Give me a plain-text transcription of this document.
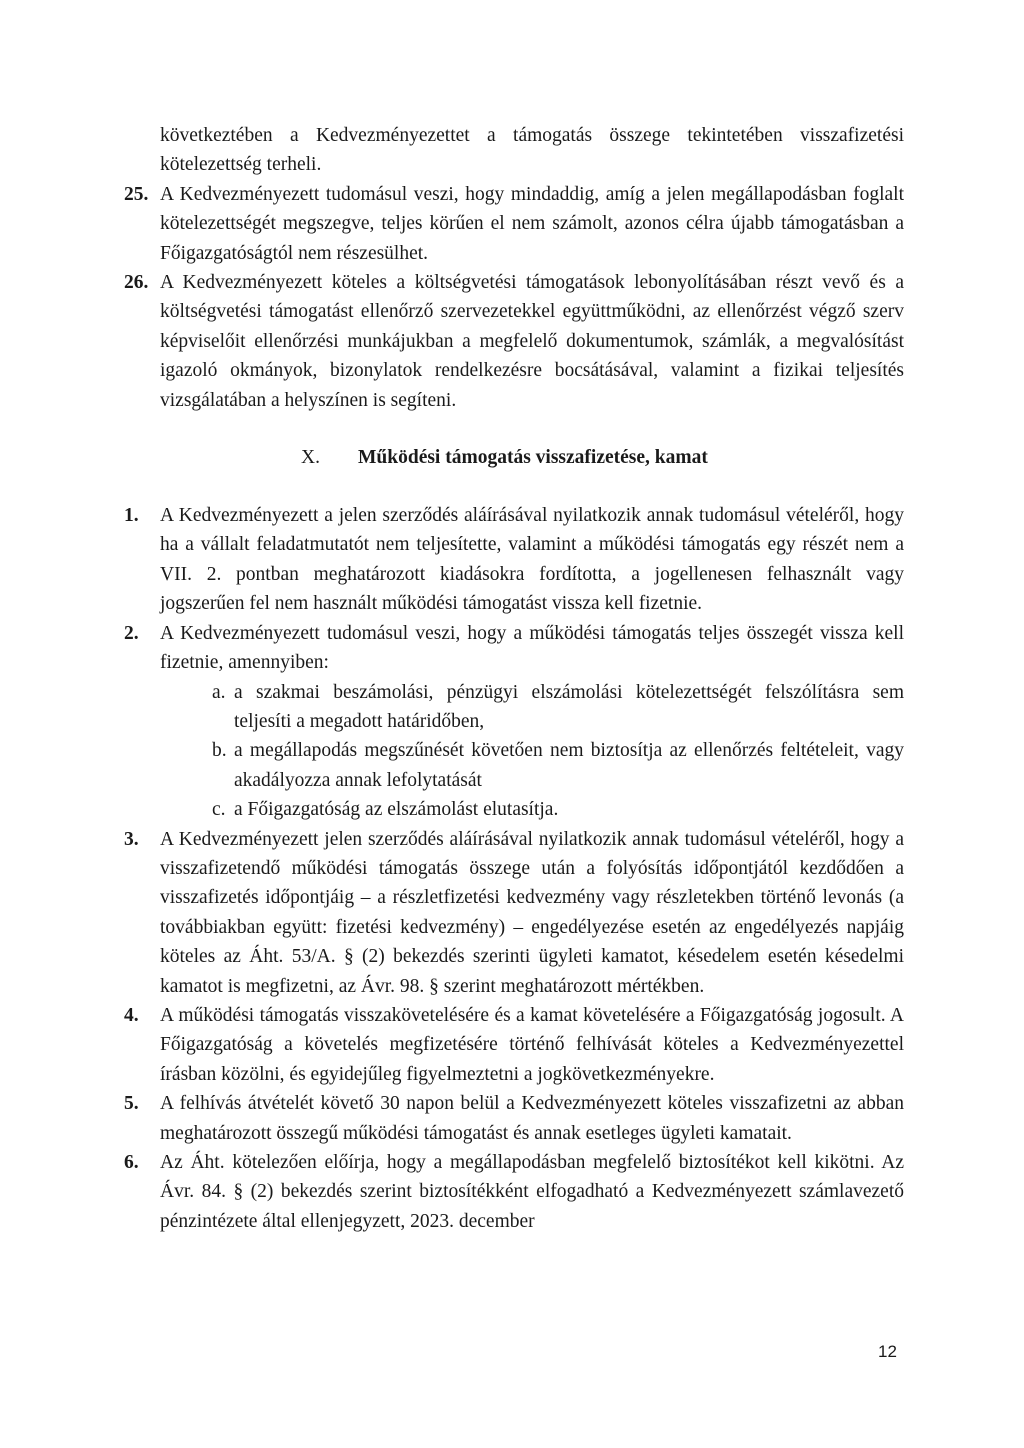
következtében a Kedvezményezettet a támogatás összege tekintetében visszafizetési kötelezettség terheli.

25. A Kedvezményezett tudomásul veszi, hogy mindaddig, amíg a jelen megállapodásban foglalt kötelezettségét megszegve, teljes körűen el nem számolt, azonos célra újabb támogatásban a Főigazgatóságtól nem részesülhet.

26. A Kedvezményezett köteles a költségvetési támogatások lebonyolításában részt vevő és a költségvetési támogatást ellenőrző szervezetekkel együttműködni, az ellenőrzést végző szerv képviselőit ellenőrzési munkájukban a megfelelő dokumentumok, számlák, a megvalósítást igazoló okmányok, bizonylatok rendelkezésre bocsátásával, valamint a fizikai teljesítés vizsgálatában a helyszínen is segíteni.

X. Működési támogatás visszafizetése, kamat

1. A Kedvezményezett a jelen szerződés aláírásával nyilatkozik annak tudomásul vételéről, hogy ha a vállalt feladatmutatót nem teljesítette, valamint a működési támogatás egy részét nem a VII. 2. pontban meghatározott kiadásokra fordította, a jogellenesen felhasznált vagy jogszerűen fel nem használt működési támogatást vissza kell fizetnie.

2. A Kedvezményezett tudomásul veszi, hogy a működési támogatás teljes összegét vissza kell fizetnie, amennyiben:

a. a szakmai beszámolási, pénzügyi elszámolási kötelezettségét felszólításra sem teljesíti a megadott határidőben,

b. a megállapodás megszűnését követően nem biztosítja az ellenőrzés feltételeit, vagy akadályozza annak lefolytatását

c. a Főigazgatóság az elszámolást elutasítja.

3. A Kedvezményezett jelen szerződés aláírásával nyilatkozik annak tudomásul vételéről, hogy a visszafizetendő működési támogatás összege után a folyósítás időpontjától kezdődően a visszafizetés időpontjáig – a részletfizetési kedvezmény vagy részletekben történő levonás (a továbbiakban együtt: fizetési kedvezmény) – engedélyezése esetén az engedélyezés napjáig köteles az Áht. 53/A. § (2) bekezdés szerinti ügyleti kamatot, késedelem esetén késedelmi kamatot is megfizetni, az Ávr. 98. § szerint meghatározott mértékben.

4. A működési támogatás visszakövetelésére és a kamat követelésére a Főigazgatóság jogosult. A Főigazgatóság a követelés megfizetésére történő felhívását köteles a Kedvezményezettel írásban közölni, és egyidejűleg figyelmeztetni a jogkövetkezményekre.

5. A felhívás átvételét követő 30 napon belül a Kedvezményezett köteles visszafizetni az abban meghatározott összegű működési támogatást és annak esetleges ügyleti kamatait.

6. Az Áht. kötelezően előírja, hogy a megállapodásban megfelelő biztosítékot kell kikötni. Az Ávr. 84. § (2) bekezdés szerint biztosítékként elfogadható a Kedvezményezett számlavezető pénzintézete által ellenjegyzett, 2023. december

12
